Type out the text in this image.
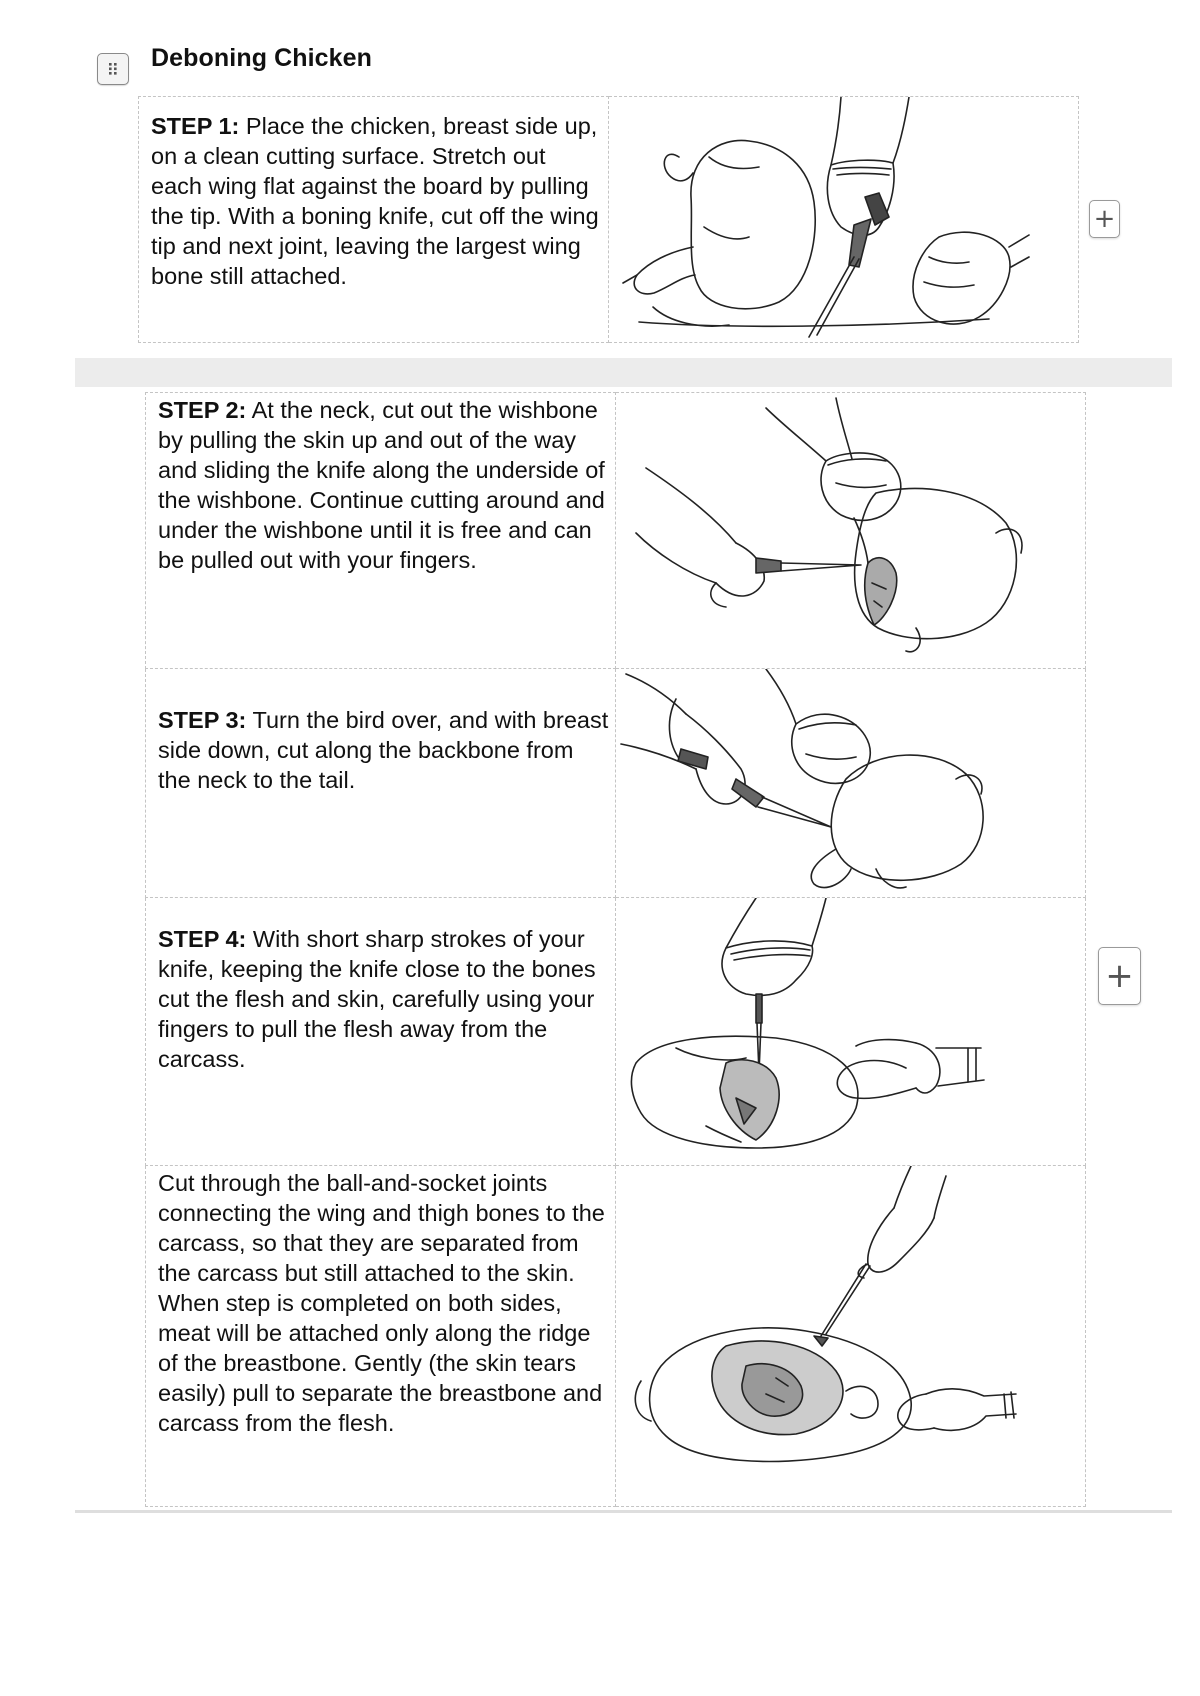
Deboning Chicken
STEP 1: Place the chicken, breast side up, on a clean cutting surface. Stretch out each wing flat against the board by pulling the tip. With a boning knife, cut off the wing tip and next joint, leaving the largest wing bone still attached.

+
STEP 2: At the neck, cut out the wishbone by pulling the skin up and out of the way and sliding the knife along the underside of the wishbone. Continue cutting around and under the wishbone until it is free and can be pulled out with your fingers.

STEP 3: Turn the bird over, and with breast side down, cut along the backbone from the neck to the tail.

STEP 4: With short sharp strokes of your knife, keeping the knife close to the bones cut the flesh and skin, carefully using your fingers to pull the flesh away from the carcass.

Cut through the ball-and-socket joints connecting the wing and thigh bones to the carcass, so that they are separated from the carcass but still attached to the skin. When step is completed on both sides, meat will be attached only along the ridge of the breastbone. Gently (the skin tears easily) pull to separate the breastbone and carcass from the flesh.

+
